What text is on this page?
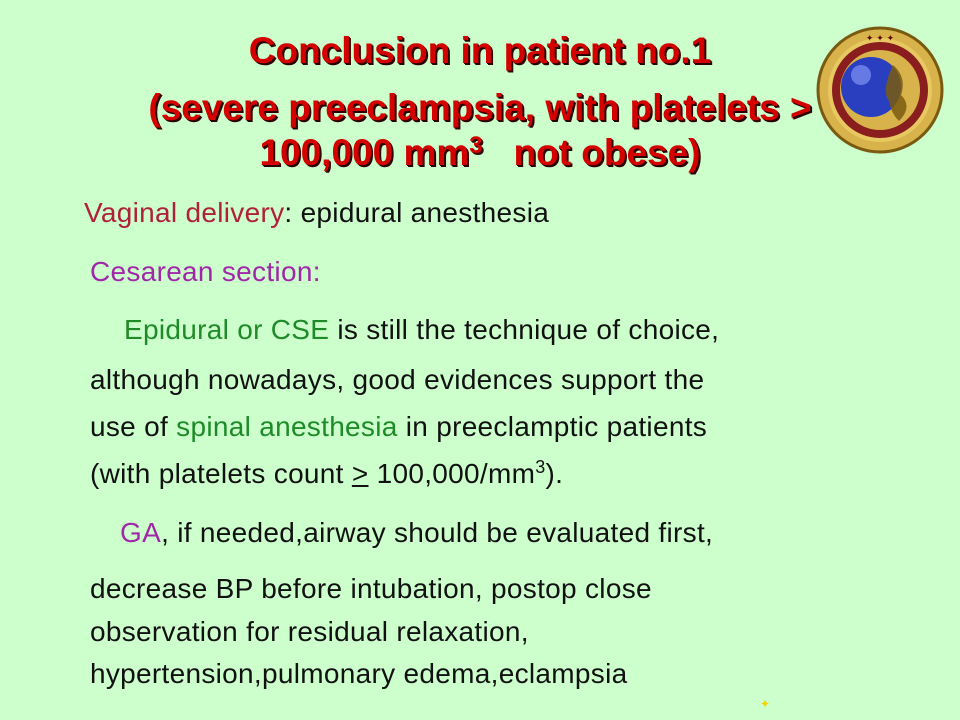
Conclusion in patient no.1
(severe preeclampsia, with platelets >
100,000 $mm^3$ not obese)
✦ ✦ ✦
Vaginal delivery: epidural anesthesia
Cesarean section:
Epidural or CSE is still the technique of choice,
although nowadays, good evidences support the
use of spinal anesthesia in preeclamptic patients
(with platelets count ≥ $100,000/mm^3$).
GA, if needed,airway should be evaluated first,
decrease BP before intubation, postop close
observation for residual relaxation,
hypertension,pulmonary edema,eclampsia
✦
